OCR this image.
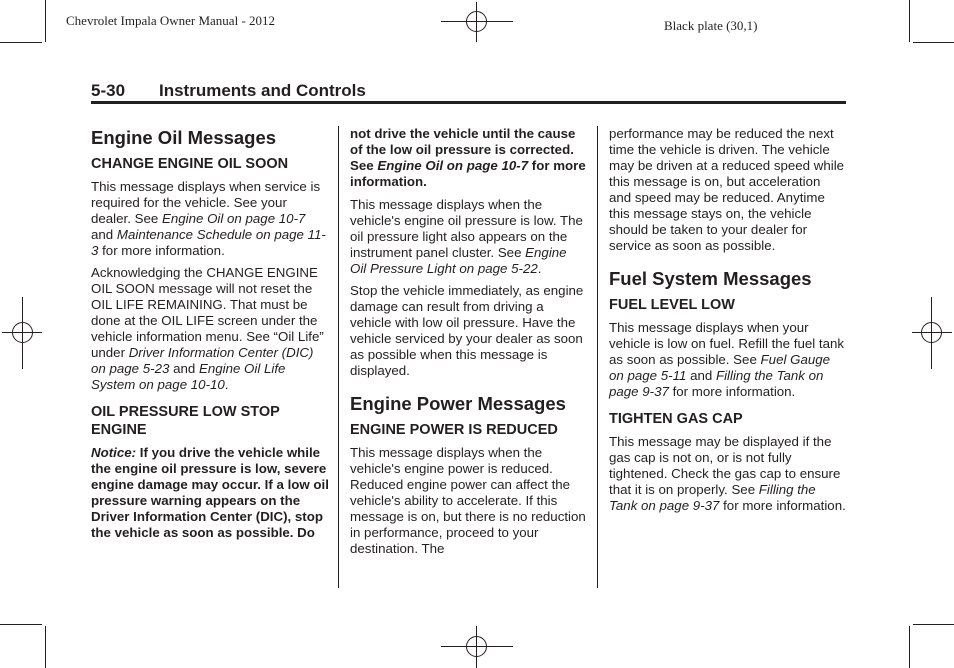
Chevrolet Impala Owner Manual - 2012	Black plate (30,1)
5-30 Instruments and Controls

Engine Oil Messages

CHANGE ENGINE OIL SOON

This message displays when service is required for the vehicle. See your dealer. See Engine Oil on page 10-7 and Maintenance Schedule on page 11-3 for more information.

Acknowledging the CHANGE ENGINE OIL SOON message will not reset the OIL LIFE REMAINING. That must be done at the OIL LIFE screen under the vehicle information menu. See “Oil Life” under Driver Information Center (DIC) on page 5-23 and Engine Oil Life System on page 10-10.

OIL PRESSURE LOW STOP ENGINE

Notice: If you drive the vehicle while the engine oil pressure is low, severe engine damage may occur. If a low oil pressure warning appears on the Driver Information Center (DIC), stop the vehicle as soon as possible. Do

not drive the vehicle until the cause of the low oil pressure is corrected. See Engine Oil on page 10-7 for more information.

This message displays when the vehicle's engine oil pressure is low. The oil pressure light also appears on the instrument panel cluster. See Engine Oil Pressure Light on page 5-22.

Stop the vehicle immediately, as engine damage can result from driving a vehicle with low oil pressure. Have the vehicle serviced by your dealer as soon as possible when this message is displayed.

Engine Power Messages

ENGINE POWER IS REDUCED

This message displays when the vehicle's engine power is reduced. Reduced engine power can affect the vehicle's ability to accelerate. If this message is on, but there is no reduction in performance, proceed to your destination. The

performance may be reduced the next time the vehicle is driven. The vehicle may be driven at a reduced speed while this message is on, but acceleration and speed may be reduced. Anytime this message stays on, the vehicle should be taken to your dealer for service as soon as possible.

Fuel System Messages

FUEL LEVEL LOW

This message displays when your vehicle is low on fuel. Refill the fuel tank as soon as possible. See Fuel Gauge on page 5-11 and Filling the Tank on page 9-37 for more information.

TIGHTEN GAS CAP

This message may be displayed if the gas cap is not on, or is not fully tightened. Check the gas cap to ensure that it is on properly. See Filling the Tank on page 9-37 for more information.
